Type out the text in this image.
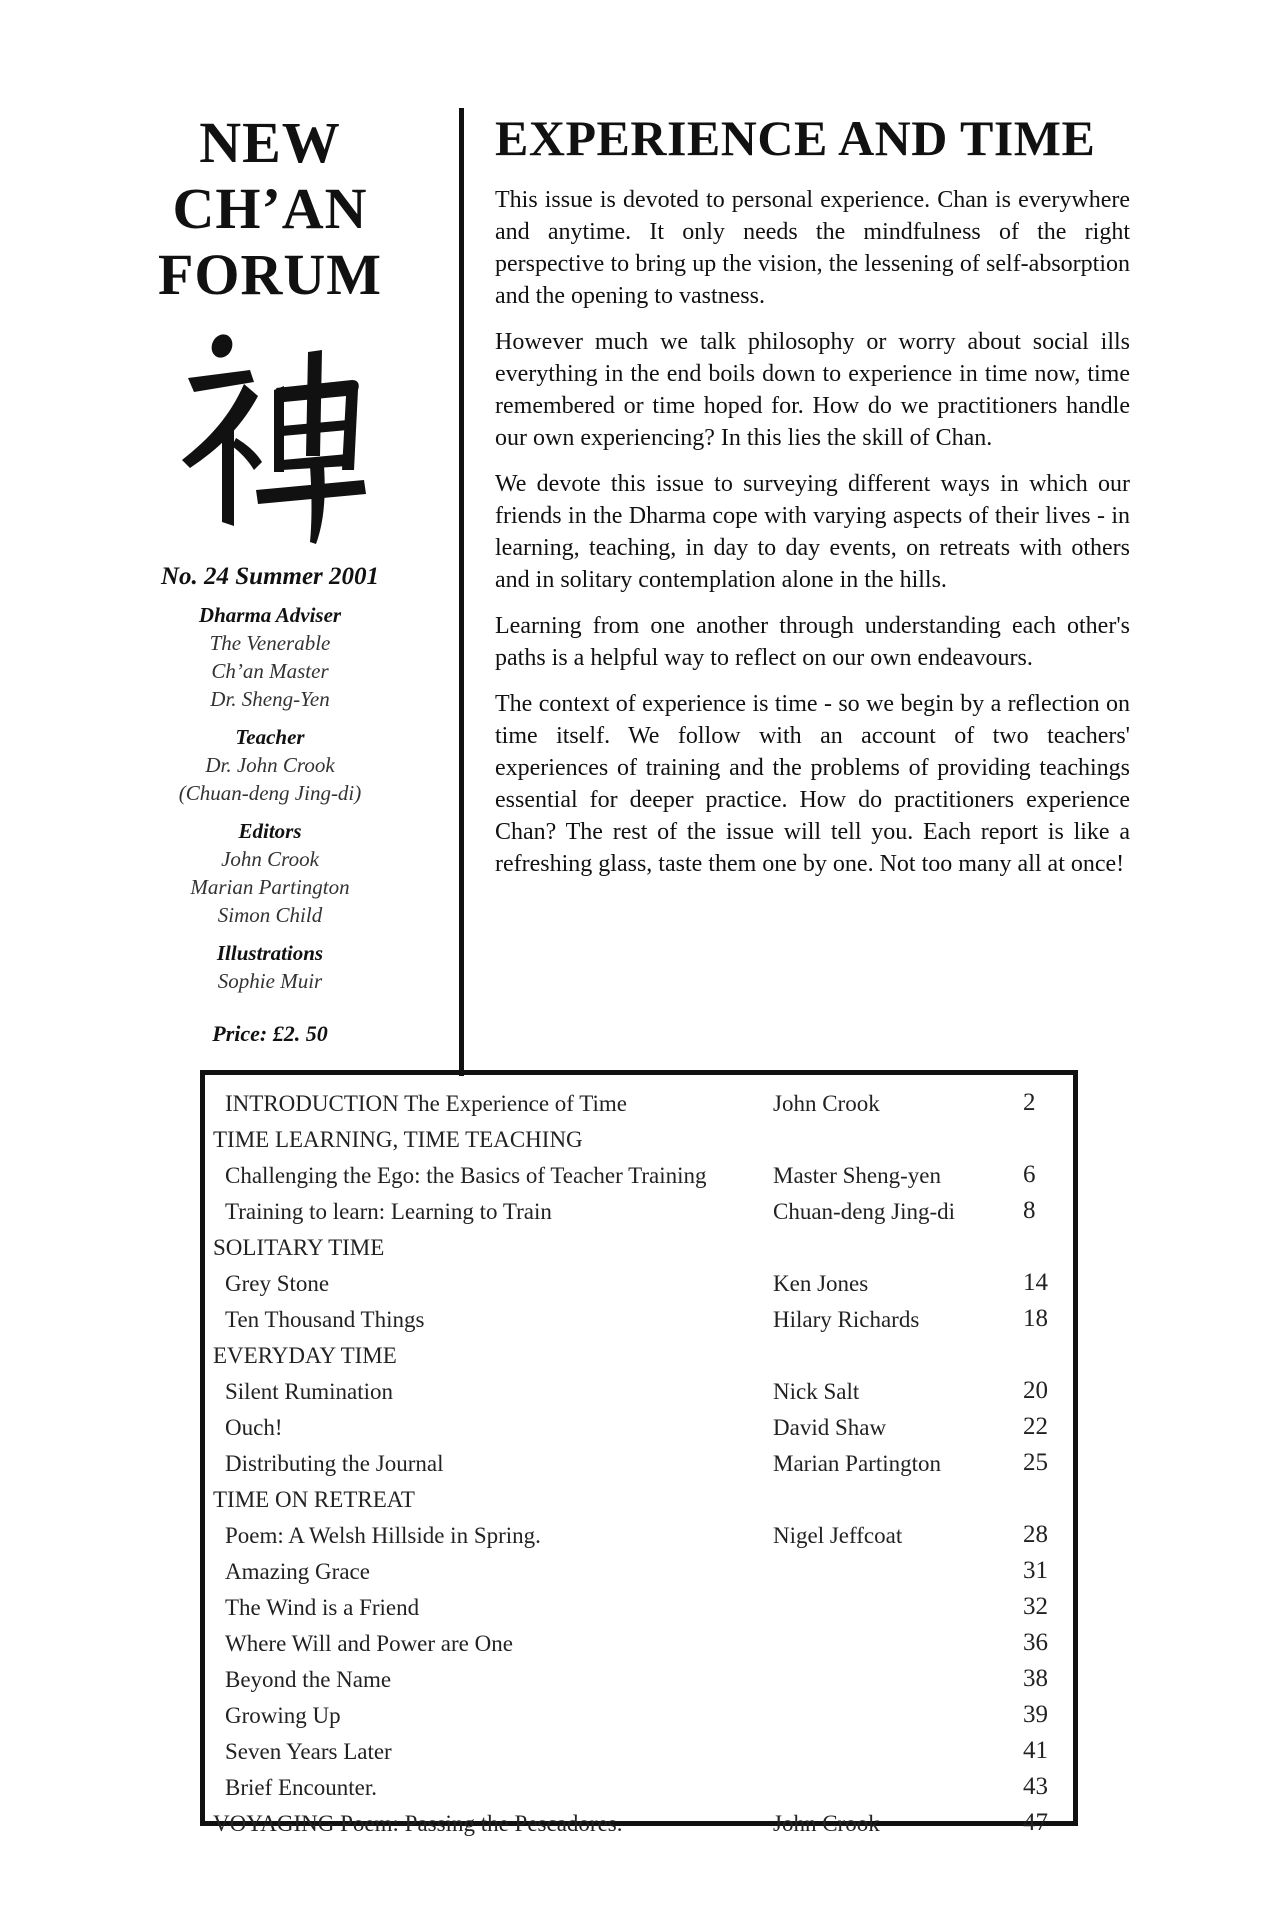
NEW
CH’AN
FORUM
No. 24 Summer 2001
Dharma Adviser
The Venerable
Ch’an Master
Dr. Sheng-Yen
Teacher
Dr. John Crook
(Chuan-deng Jing-di)
Editors
John Crook
Marian Partington
Simon Child
Illustrations
Sophie Muir
Price: £2. 50
EXPERIENCE AND TIME

This issue is devoted to personal experience. Chan is everywhere and anytime. It only needs the mindfulness of the right perspective to bring up the vision, the lessening of self-absorption and the opening to vastness.

However much we talk philosophy or worry about social ills everything in the end boils down to experience in time now, time remembered or time hoped for. How do we practitioners handle our own experiencing? In this lies the skill of Chan.

We devote this issue to surveying different ways in which our friends in the Dharma cope with varying aspects of their lives - in learning, teaching, in day to day events, on retreats with others and in solitary contemplation alone in the hills.

Learning from one another through understanding each other's paths is a helpful way to reflect on our own endeavours.

The context of experience is time - so we begin by a reflection on time itself. We follow with an account of two teachers' experiences of training and the problems of providing teachings essential for deeper practice. How do practitioners experience Chan? The rest of the issue will tell you. Each report is like a refreshing glass, taste them one by one. Not too many all at once!

INTRODUCTION The Experience of Time	John Crook	2
TIME LEARNING, TIME TEACHING		
Challenging the Ego: the Basics of Teacher Training	Master Sheng-yen	6
Training to learn: Learning to Train	Chuan-deng Jing-di	8
SOLITARY TIME		
Grey Stone	Ken Jones	14
Ten Thousand Things	Hilary Richards	18
EVERYDAY TIME		
Silent Rumination	Nick Salt	20
Ouch!	David Shaw	22
Distributing the Journal	Marian Partington	25
TIME ON RETREAT		
Poem: A Welsh Hillside in Spring.	Nigel Jeffcoat	28
Amazing Grace		31
The Wind is a Friend		32
Where Will and Power are One		36
Beyond the Name		38
Growing Up		39
Seven Years Later		41
Brief Encounter.		43
VOYAGING Poem: Passing the Pescadores.	John Crook	47
